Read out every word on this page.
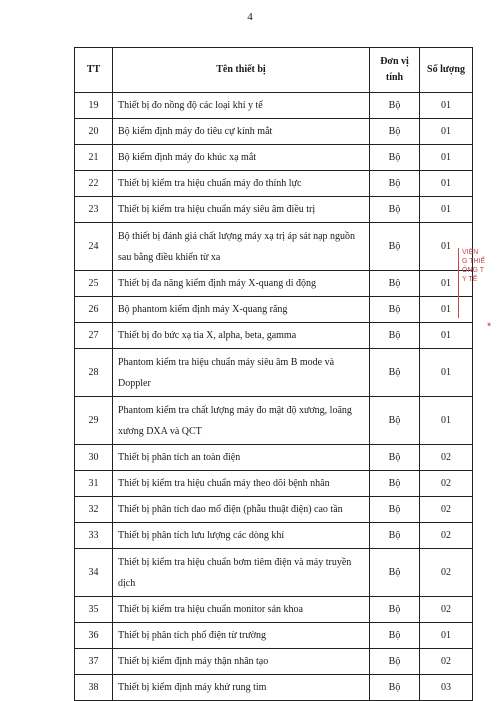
4
TT	Tên thiết bị	Đơn vị tính	Số lượng
19	Thiết bị đo nồng độ các loại khí y tế	Bộ	01
20	Bộ kiểm định máy đo tiêu cự kính mắt	Bộ	01
21	Bộ kiểm định máy đo khúc xạ mắt	Bộ	01
22	Thiết bị kiểm tra hiệu chuẩn máy đo thính lực	Bộ	01
23	Thiết bị kiểm tra hiệu chuẩn máy siêu âm điều trị	Bộ	01
24	Bộ thiết bị đánh giá chất lượng máy xạ trị áp sát nạp nguồn sau bằng điều khiển từ xa	Bộ	01
25	Thiết bị đa năng kiểm định máy X-quang di động	Bộ	01
26	Bộ phantom kiểm định máy X-quang răng	Bộ	01
27	Thiết bị đo bức xạ tia X, alpha, beta, gamma	Bộ	01
28	Phantom kiểm tra hiệu chuẩn máy siêu âm B mode và Doppler	Bộ	01
29	Phantom kiểm tra chất lượng máy đo mật độ xương, loãng xương DXA và QCT	Bộ	01
30	Thiết bị phân tích an toàn điện	Bộ	02
31	Thiết bị kiểm tra hiệu chuẩn máy theo dõi bệnh nhân	Bộ	02
32	Thiết bị phân tích dao mổ điện (phẫu thuật điện) cao tần	Bộ	02
33	Thiết bị phân tích lưu lượng các dòng khí	Bộ	02
34	Thiết bị kiểm tra hiệu chuẩn bơm tiêm điện và máy truyền dịch	Bộ	02
35	Thiết bị kiểm tra hiệu chuẩn monitor sản khoa	Bộ	02
36	Thiết bị phân tích phổ điện từ trường	Bộ	01
37	Thiết bị kiểm định máy thận nhân tạo	Bộ	02
38	Thiết bị kiểm định máy khử rung tim	Bộ	03
VIỆN
G THIẾ
ÔNG T
Y TẾ
✶
